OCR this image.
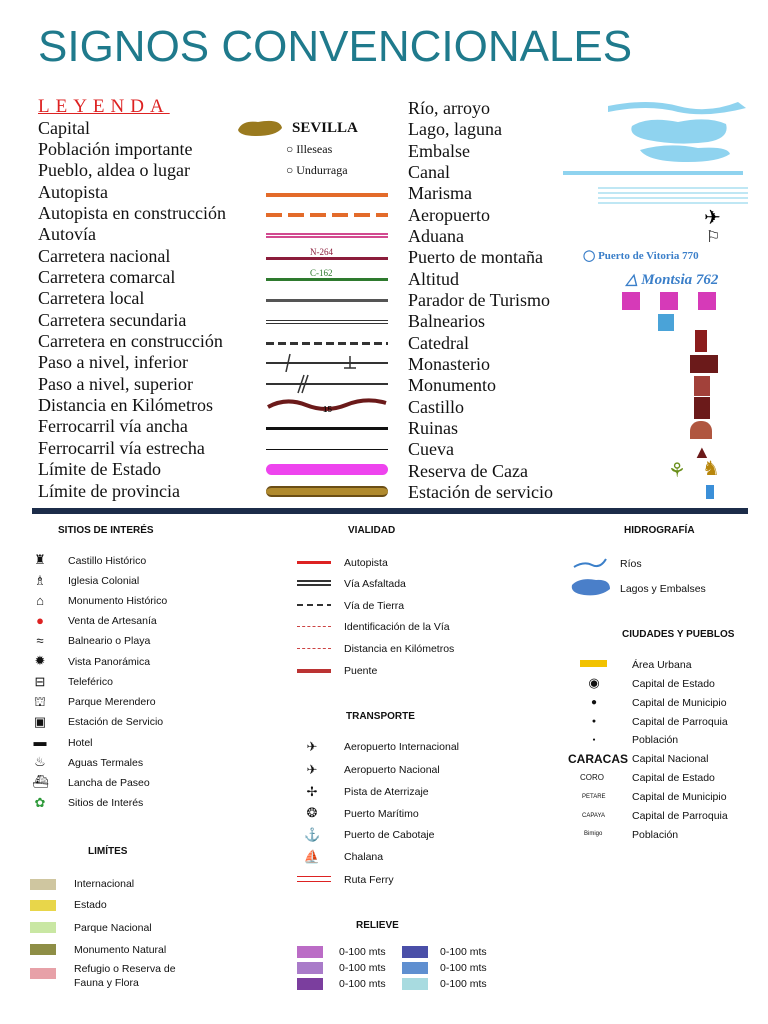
SIGNOS CONVENCIONALES
LEYENDA
Capital
Población importante
Pueblo, aldea o lugar
Autopista
Autopista en construcción
Autovía
Carretera nacional
Carretera comarcal
Carretera local
Carretera secundaria
Carretera en construcción
Paso a nivel, inferior
Paso a nivel, superior
Distancia en Kilómetros
Ferrocarril vía ancha
Ferrocarril vía estrecha
Límite de Estado
Límite de provincia
SEVILLA
○ Illeseas
○ Undurraga
N-264
C-162
15
Río, arroyo
Lago, laguna
Embalse
Canal
Marisma
Aeropuerto
Aduana
Puerto de montaña
Altitud
Parador de Turismo
Balnearios
Catedral
Monasterio
Monumento
Castillo
Ruinas
Cueva
Reserva de Caza
Estación de servicio
✈
⚐
◯ Puerto de Vitoria 770
△ Montsia 762
▲
⚘ ♞
SITIOS DE INTERÉS
♜
♗
⌂
●
≈
✹
⊟
⛫
▣
▬
♨
⛴
✿
Castillo Histórico
Iglesia Colonial
Monumento Histórico
Venta de Artesanía
Balneario o Playa
Vista Panorámica
Teleférico
Parque Merendero
Estación de Servicio
Hotel
Aguas Termales
Lancha de Paseo
Sitios de Interés
LIMÍTES
Internacional
Estado
Parque Nacional
Monumento Natural
Refugio o Reserva de
Fauna y Flora
VIALIDAD
Autopista
Vía Asfaltada
Vía de Tierra
Identificación de la Vía
Distancia en Kilómetros
Puente
TRANSPORTE
✈
✈
✢
❂
⚓
⛵
Aeropuerto Internacional
Aeropuerto Nacional
Pista de Aterrizaje
Puerto Marítimo
Puerto de Cabotaje
Chalana
Ruta Ferry
RELIEVE
0-100 mts
0-100 mts
0-100 mts
0-100 mts
0-100 mts
0-100 mts
HIDROGRAFÍA
Ríos
Lagos y Embalses
CIUDADES Y PUEBLOS
◉
●
●
●
Área Urbana
Capital de Estado
Capital de Municipio
Capital de Parroquia
Población
CARACAS
CORO
PETARE
CAPAYA
Bimigo
Capital Nacional
Capital de Estado
Capital de Municipio
Capital de Parroquia
Población
